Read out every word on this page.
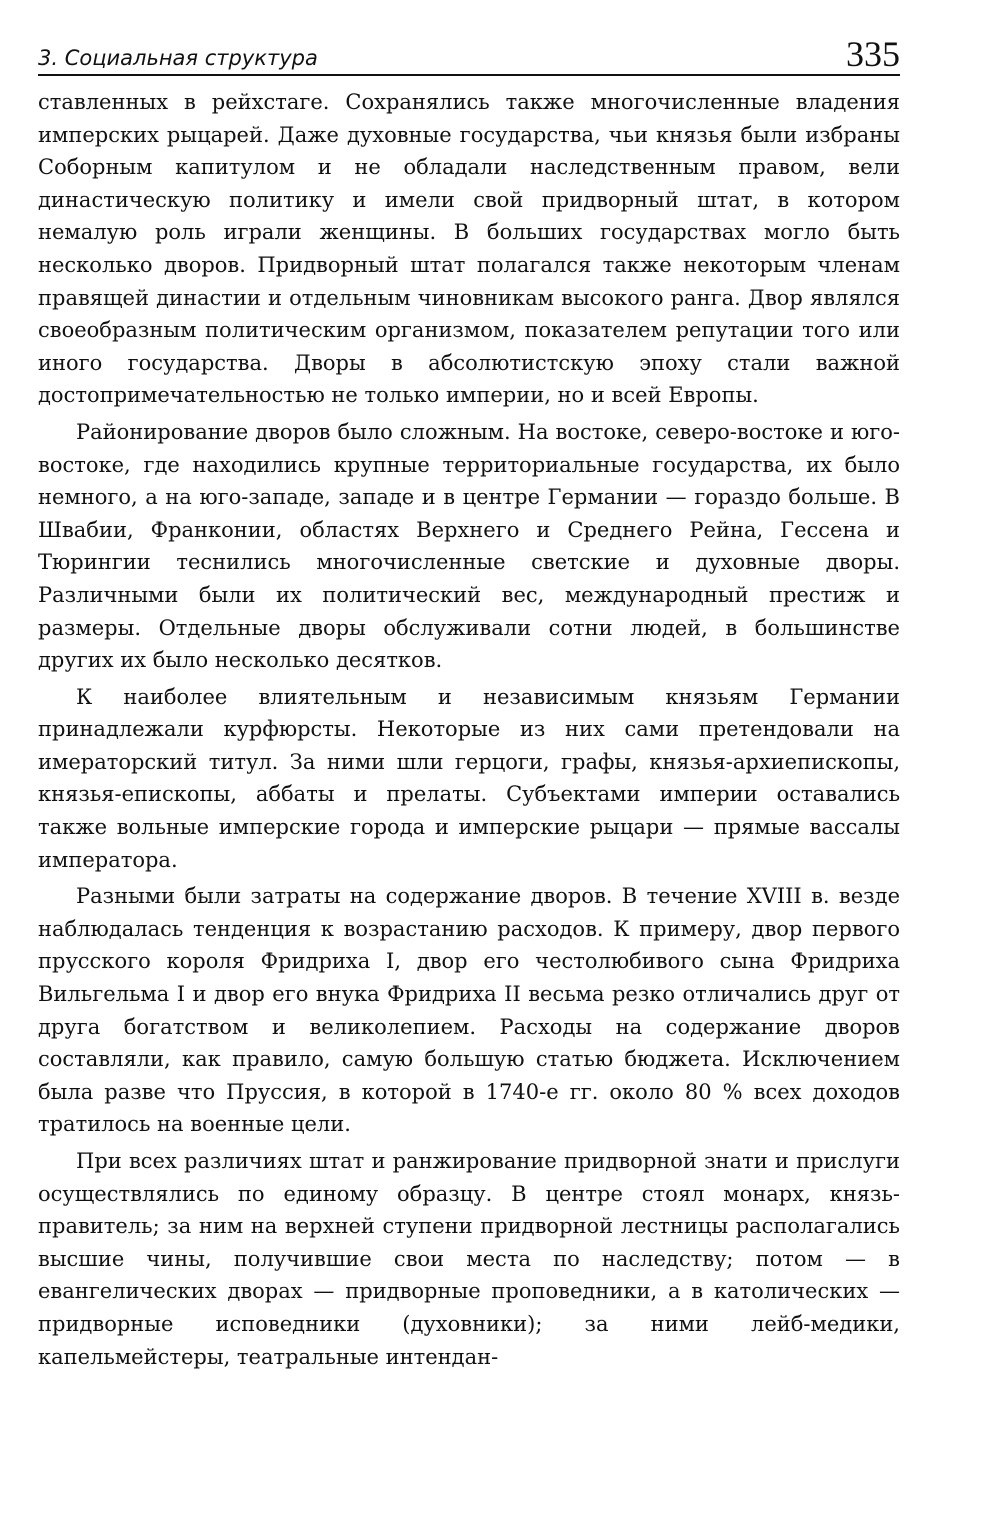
3. Социальная структура	335

ставленных в рейхстаге. Сохранялись также многочисленные владения имперских рыцарей. Даже духовные государства, чьи князья были избраны Соборным капитулом и не обладали наследственным правом, вели династическую политику и имели свой придворный штат, в котором немалую роль играли женщины. В больших государствах могло быть несколько дворов. Придворный штат полагался также некоторым членам правящей династии и отдельным чиновникам высокого ранга. Двор являлся своеобразным политическим организмом, показателем репутации того или иного государства. Дворы в абсолютистскую эпоху стали важной достопримечательностью не только империи, но и всей Европы.

Районирование дворов было сложным. На востоке, северо-востоке и юго-востоке, где находились крупные территориальные государства, их было немного, а на юго-западе, западе и в центре Германии — гораздо больше. В Швабии, Франконии, областях Верхнего и Среднего Рейна, Гессена и Тюрингии теснились многочисленные светские и духовные дворы. Различными были их политический вес, международный престиж и размеры. Отдельные дворы обслуживали сотни людей, в большинстве других их было несколько десятков.

К наиболее влиятельным и независимым князьям Германии принадлежали курфюрсты. Некоторые из них сами претендовали на имераторский титул. За ними шли герцоги, графы, князья-архиепископы, князья-епископы, аббаты и прелаты. Субъектами империи оставались также вольные имперские города и имперские рыцари — прямые вассалы императора.

Разными были затраты на содержание дворов. В течение XVIII в. везде наблюдалась тенденция к возрастанию расходов. К примеру, двор первого прусского короля Фридриха I, двор его честолюбивого сына Фридриха Вильгельма I и двор его внука Фридриха II весьма резко отличались друг от друга богатством и великолепием. Расходы на содержание дворов составляли, как правило, самую большую статью бюджета. Исключением была разве что Пруссия, в которой в 1740-е гг. около 80 % всех доходов тратилось на военные цели.

При всех различиях штат и ранжирование придворной знати и прислуги осуществлялись по единому образцу. В центре стоял монарх, князь-правитель; за ним на верхней ступени придворной лестницы располагались высшие чины, получившие свои места по наследству; потом — в евангелических дворах — придворные проповедники, а в католических — придворные исповедники (духовники); за ними лейб-медики, капельмейстеры, театральные интендан-
